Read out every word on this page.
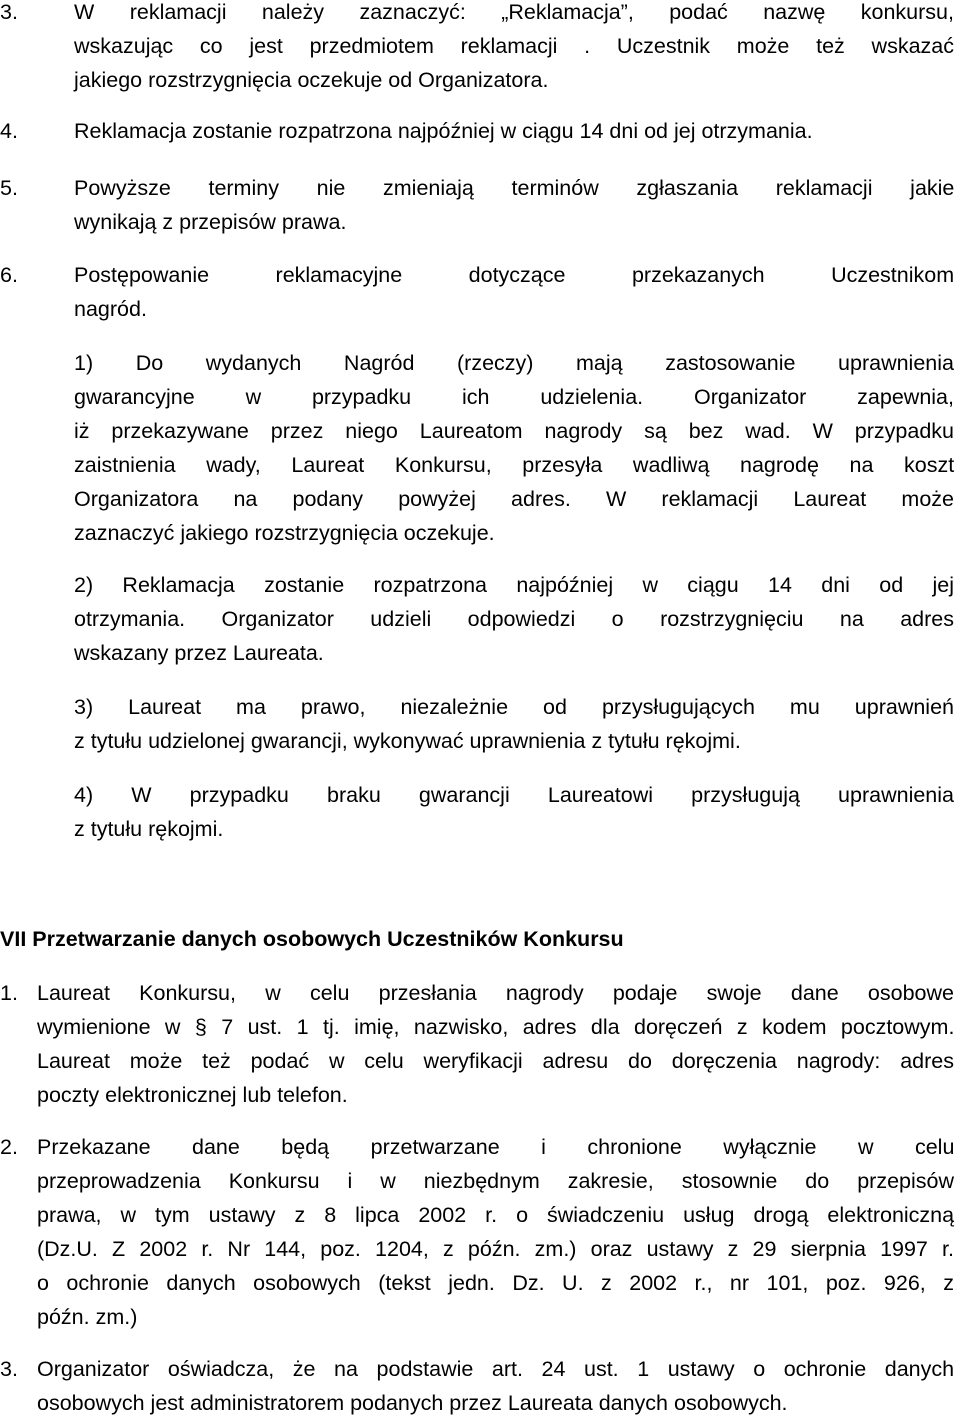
3.	W reklamacji należy zaznaczyć: „Reklamacja”, podać nazwę konkursu,
wskazując co jest przedmiotem reklamacji . Uczestnik może też wskazać
jakiego rozstrzygnięcia oczekuje od Organizatora.
4.	Reklamacja zostanie rozpatrzona najpóźniej w ciągu 14 dni od jej otrzymania.
5.	Powyższe terminy nie zmieniają terminów zgłaszania reklamacji jakie
wynikają z przepisów prawa.
6.	Postępowanie reklamacyjne dotyczące przekazanych Uczestnikom
nagród.
1) Do wydanych Nagród (rzeczy) mają zastosowanie uprawnienia
gwarancyjne w przypadku ich udzielenia. Organizator zapewnia,
iż przekazywane przez niego Laureatom nagrody są bez wad. W przypadku
zaistnienia wady, Laureat Konkursu, przesyła wadliwą nagrodę na koszt
Organizatora na podany powyżej adres. W reklamacji Laureat może
zaznaczyć jakiego rozstrzygnięcia oczekuje.
2) Reklamacja zostanie rozpatrzona najpóźniej w ciągu 14 dni od jej
otrzymania. Organizator udzieli odpowiedzi o rozstrzygnięciu na adres
wskazany przez Laureata.
3) Laureat ma prawo, niezależnie od przysługujących mu uprawnień
z tytułu udzielonej gwarancji, wykonywać uprawnienia z tytułu rękojmi.
4) W przypadku braku gwarancji Laureatowi przysługują uprawnienia
z tytułu rękojmi.
VII Przetwarzanie danych osobowych Uczestników Konkursu
1. Laureat Konkursu, w celu przesłania nagrody podaje swoje dane osobowe
wymienione w § 7 ust. 1 tj. imię, nazwisko, adres dla doręczeń z kodem pocztowym.
Laureat może też podać w celu weryfikacji adresu do doręczenia nagrody: adres
poczty elektronicznej lub telefon.
2. Przekazane dane będą przetwarzane i chronione wyłącznie w celu
przeprowadzenia Konkursu i w niezbędnym zakresie, stosownie do przepisów
prawa, w tym ustawy z 8 lipca 2002 r. o świadczeniu usług drogą elektroniczną
(Dz.U. Z 2002 r. Nr 144, poz. 1204, z późn. zm.) oraz ustawy z 29 sierpnia 1997 r.
o ochronie danych osobowych (tekst jedn. Dz. U. z 2002 r., nr 101, poz. 926, z
późn. zm.)
3. Organizator oświadcza, że na podstawie art. 24 ust. 1 ustawy o ochronie danych
osobowych jest administratorem podanych przez Laureata danych osobowych.
